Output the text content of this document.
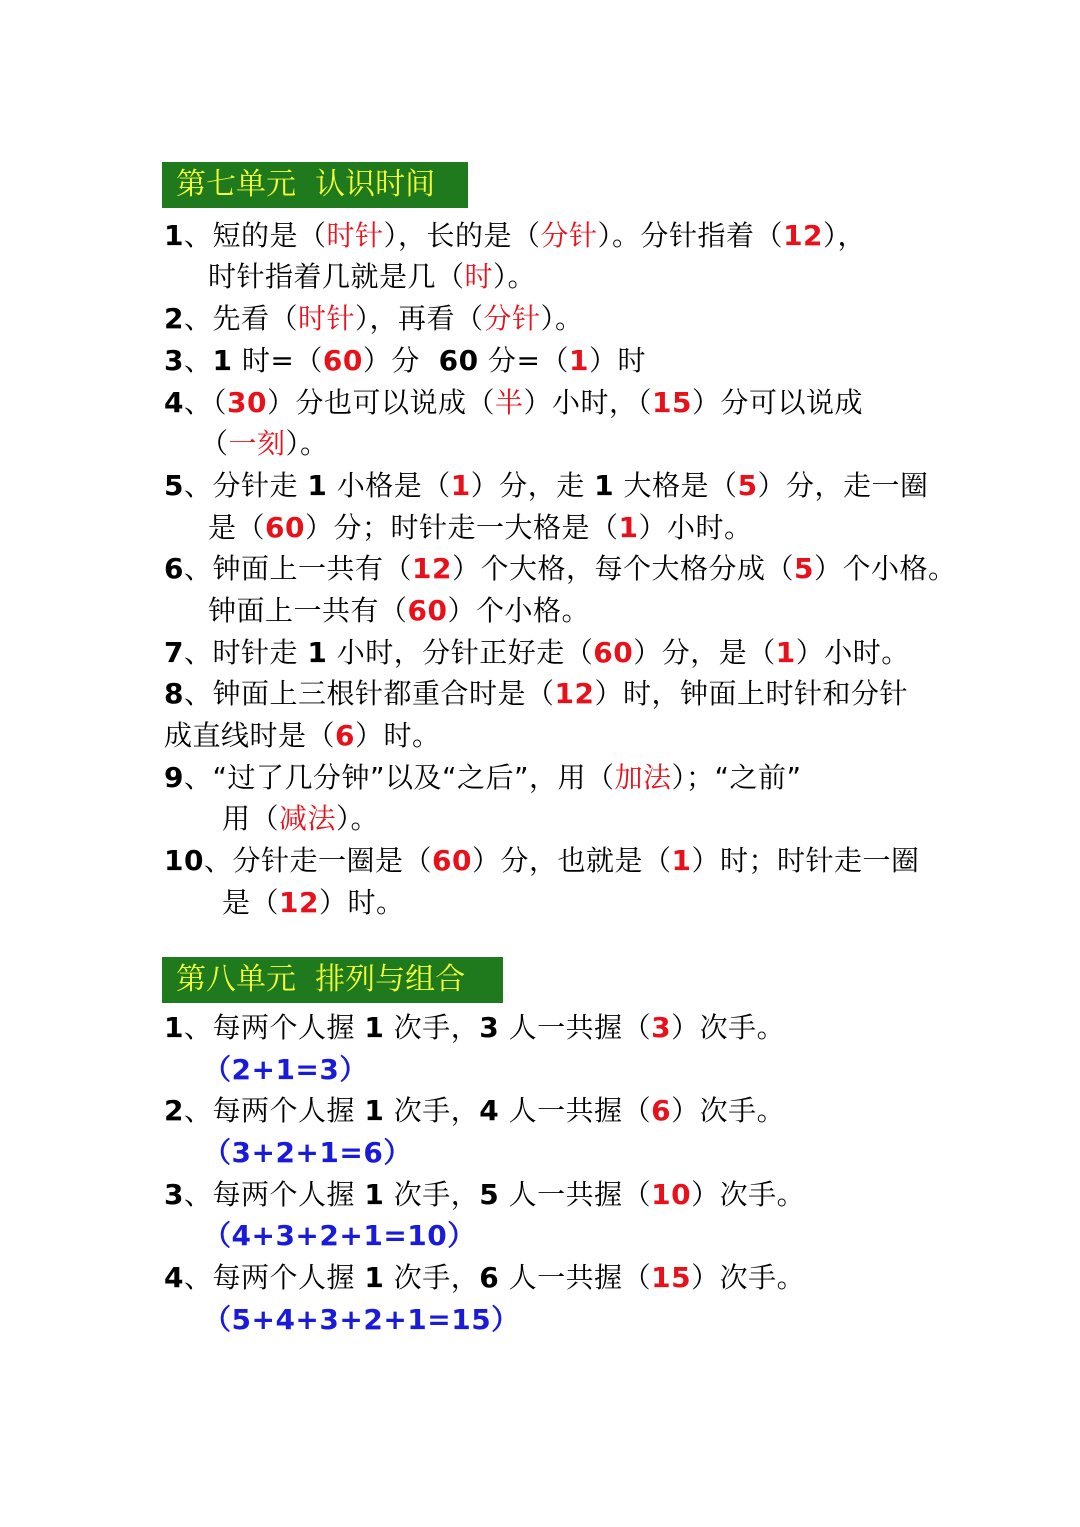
第七单元  认识时间
1、短的是（时针），长的是（分针）。分针指着（12），
时针指着几就是几（时）。
2、先看（时针），再看（分针）。
3、1 时=（60）分  60 分=（1）时
4、（30）分也可以说成（半）小时，（15）分可以说成
（一刻）。
5、分针走 1 小格是（1）分，走 1 大格是（5）分，走一圈
是（60）分；时针走一大格是（1）小时。
6、钟面上一共有（12）个大格，每个大格分成（5）个小格。
钟面上一共有（60）个小格。
7、时针走 1 小时，分针正好走（60）分，是（1）小时。
8、钟面上三根针都重合时是（12）时，钟面上时针和分针
成直线时是（6）时。
9、“过了几分钟”以及“之后”，用（加法）；“之前”
用（减法）。
10、分针走一圈是（60）分，也就是（1）时；时针走一圈
是（12）时。
第八单元  排列与组合
1、每两个人握 1 次手，3 人一共握（3）次手。
（2+1=3）
2、每两个人握 1 次手，4 人一共握（6）次手。
（3+2+1=6）
3、每两个人握 1 次手，5 人一共握（10）次手。
（4+3+2+1=10）
4、每两个人握 1 次手，6 人一共握（15）次手。
（5+4+3+2+1=15）
